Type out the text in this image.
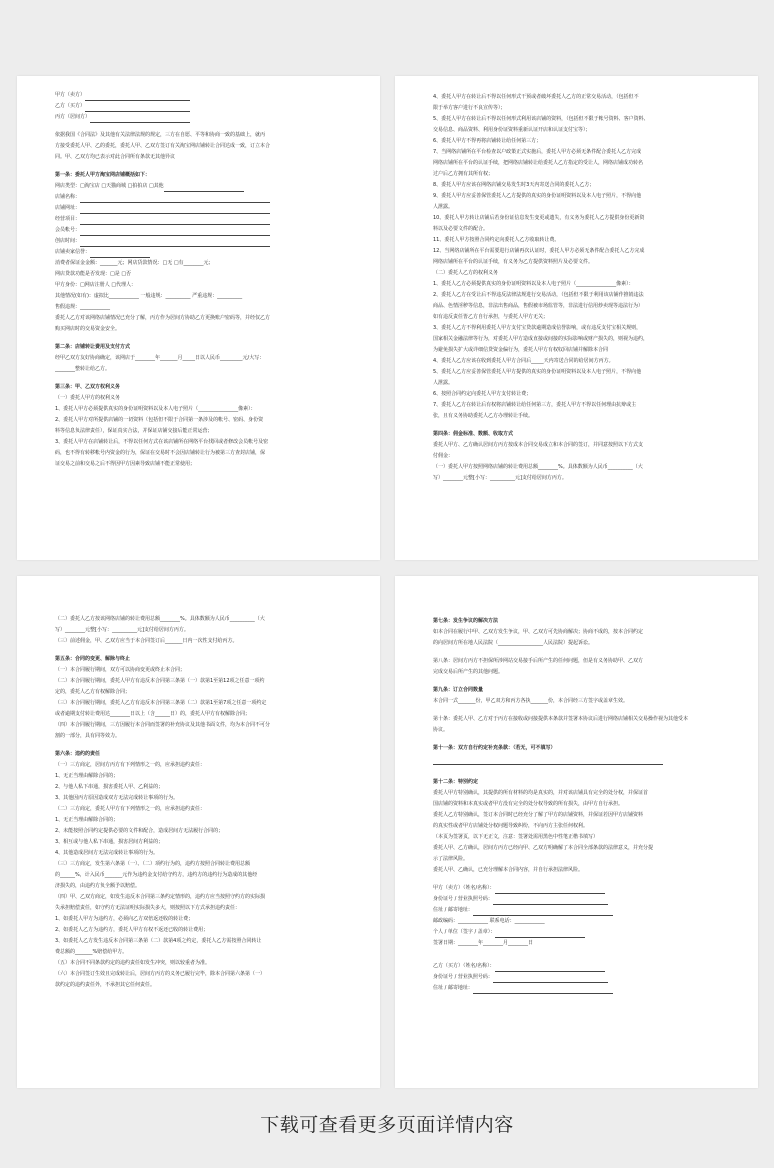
甲方（卖方）
乙方（买方）
丙方（居间方）
依据我国《合同法》及其他有关法律法规的规定，三方在自愿、平等和协商一致的基础上，就丙
方接受委托人甲、乙的委托，委托人甲、乙双方签订有关淘宝网店铺转让合同达成一致，订立本合
同。甲、乙双方均已表示对此合同所有条款无其他异议
第一条：委托人甲方淘宝网店铺概括如下：
网店类型：□淘宝店 □天猫商城 □拍拍店 □其他
店铺名称：
店铺网址：
经营项目：
会员帐号：
创店时间：
店铺卖家信誉：
消费者保证金金额：_______元；网店货款情况：□无 □有________元；
网店贷款功能是否发现：□是 □否
甲方身份：□网店注册人 □代理人：
其他情况(如有)：虚拟比____________ 一般违规：__________ 严重违规：__________
售假违规：____________
委托人乙方对该网络店铺情况已充分了解，丙方作为居间方协助乙方更换账户密码等，并经仅乙方
购买网店时的交易资金安全。
第二条：店铺转让费用及支付方式
经甲乙双方友好协商确定，该网店于________年_______月_____日以人民币_________元/大写：
________整转让给乙方。
第三条：甲、乙双方权利义务
（一）委托人甲方的权利义务
1、委托人甲方必须提供真实的身份证明资料以及本人电子照片（________________像素）：
2、委托人甲方对所提供店铺的一切资料（包括但不限于合同第一条涉及的帐号、密码、身份资
料等信息负法律责任），保证真实合法，并保证店铺交接后能正常运营；
3、委托人甲方在店铺转让后，不得以任何方式在该店铺所在网络平台找回或者修改会员帐号及密
码，也不得有转移帐号内资金的行为，保证在交易时不会因店铺转让行为被第三方查封店铺，保
证交易之前和交易之后不得因甲方因素导致店铺不能正常使用；
4、委托人甲方在转让后不得以任何形式干预或者破坏委托人乙方的正常交易活动，（包括但不
限于举方客户进行不良宣传等）；
5、委托人甲方在转让后不得以任何形式利用该店铺的资料，（包括但不限于帐号资料、客户资料、
交易信息、商品资料、利用身份证资料重新认证开店和认证支付宝等）；
6、委托人甲方不得再将店铺转让给任何第三方；
7、当网络店铺所在平台检查以户政策正式实施后，委托人甲方必须无条件配合委托人乙方完成
网络店铺所在平台的认证手续，把网络店铺转让给委托人乙方指定的受让人，网络店铺成功转名
过户后乙方拥有其所有权；
8、委托人甲方应该在网络店铺交易发生时3天内寄送合同的委托人乙方；
9、委托人甲方应妥善保管委托人乙方提供的真实的身份证明资料以及本人电子照片，不得向他
人泄露。
10、委托人甲方转让店铺后若身份证信息发生变更或遗失，有义务为委托人乙方提供身份更新资
料以及必要文件的配合。
11、委托人甲方按照合同约定向委托人乙方收取转让费。
12、当网络店铺所在平台需要进行店铺再次认证时，委托人甲方必须无条件配合委托人乙方完成
网络店铺所在平台的认证手续，有义务为乙方提供资料照片及必要文件。
（二）委托人乙方的权利义务
1、委托人乙方必须提供真实的身份证明资料以及本人电子照片（________________像素）：
2、委托人乙方在受让后不得违反法律法规进行交易活动，（包括但不限于利用该店铺作推销违法
商品、色情淫秽等信息，非法出售商品，售假被市场监管等，非法进行信用炒卖现等违法行为）
如有违反责任皆乙方自行承担，与委托人甲方无关；
3、委托人乙方不得利用委托人甲方支付宝贷款逾期造成信誉影响，或有违反支付宝相关规则，
国家相关金融法律等行为，对委托人甲方造成直接或间接的实际影响或财产损失的，则视为违约，
为避免损失扩大或详细信贷资金偏行为，委托人甲方有权収回店铺并解除本合同
4、委托人乙方应该在收到委托人甲方合同后_____天内寄送合同的给居间方丙方。
5、委托人乙方应妥善保管委托人甲方提供的真实的身份证明资料以及本人电子照片，不得向他
人泄露。
6、按照合同约定向委托人甲方支付转让费；
7、委托人乙方在转让后有权将店铺转让给任何第三方，委托人甲方不得以任何理由抗辩或主
张，且有义务协助委托人乙方办理转让手续。
第四条：佣金标准、数额、收取方式
委托人甲方、乙方确认居间方丙方按成本合同交易成立和本合同的签订，并同意按照以下方式支
付佣金：
（一）委托人甲方按照网络店铺的转让费用总额________%。具体数额为人民币__________（大
写）________元整[小写：__________元]支付给居间方丙方。
（二）委托人乙方按该网络店铺的转让费用总额________%。具体数额为人民币__________（大
写）________元整[小写：__________元]支付给居间方丙方。
（三）前述佣金，甲、乙双方应当于本合同签订后_______日内一次性支付给丙方。
第五条：合同的变更、解除与终止
（一）本合同履行期间，双方可以协商变更或终止本合同；
（二）本合同履行期间，委托人甲方有违反本合同第三条第（一）款第1至第12项之任意一项约
定的，委托人乙方有权解除合同；
（三）本合同履行期间，委托人乙方有违反本合同第三条第（二）款第1至第7项之任意一项约定
或者逾期支付转让费用达________日以上（含______日）的，委托人甲方有权解除合同；
（四）本合同履行期间，三方因履行本合同而签署的补充协议及其他书面文件，均为本合同不可分
割的一部分，具有同等效力。
第六条：违约的责任
（一）三方商定，居间方丙方有下列情形之一的，应承担违约责任：
1、无正当理由解除合同的；
2、与他人私下串通，损害委托人甲、乙利益的；
3、其他因丙方原因造成双方无法完成转让事项的行为。
（二）三方商定，委托人甲方有下列情形之一的，应承担违约责任：
1、无正当理由解除合同的；
2、未能按照合同约定提供必要的文件和配合，造成居间方无法履行合同的；
3、相互或与他人私下串通，损害居间方利益的；
4、其他造成居间方无法完成转让事项的行为。
（三）三方商定，发生第六条第（一）、（二）项约行为的，违约方按照合同转让费用总额
的______%，计入民币_______元作为违约金支付给守约方，违约方的违约行为造成的其他经
济损失的，由违约方负全额予以赔偿。
（四）甲、乙双方商定，如发生违反本合同第三条约定情形的，违约方应当按照守约方的实际损
失承担赔偿责任，如守约方无法证明实际损失多大，则按照以下方式承担违约责任：
1、如委托人甲方为违约方，必须向乙方双倍返还收的转让费；
2、如委托人乙方为违约方，委托人甲方有权不返还已收的转让费用；
3、如委托人乙方发生违反本合同第三条第（二）款第4项之约定，委托人乙方需按照合同转让
费总额的_______%赔偿给甲方。
（五）本合同不同条款约定的违约责任如发生冲突，则以较重者为准。
（六）本合同签订生效且完成转让后，居间方丙方的义务已履行完毕，除本合同第六条第（一）
款约定的违约责任外，不承担其它任何责任。
第七条：发生争议的解决方法
如本合同在履行中甲、乙双方发生争议，甲、乙双方可先协商解决；协商不成的，按本合同约定
的向居间方所在地人民法院（__________________人民法院）提起诉讼。
第八条：居间方丙方不担保所涉网站交易接手后所产生的任何问题，但是有义务协助甲、乙双方
完成交易后所产生的其他问题。
第九条：订立合同数量
本合同一式_______份，甲乙双方和丙方各执_______份，本合同经三方签字或盖章生效。
第十条：委托人甲、乙方对于丙方在接收或问接提供本条款并签署本协议后进行网络店铺相关交易操作视为其他受本
协议。
第十一条：双方自行约定补充条款：（若无，可不填写）
第十二条：特别约定
委托人甲方特别确认，其提供的所有材料的均是真实的，并对该店铺具有完全的处分权，并保证首
国店铺的资料和本真实或者甲方没有完全的处分权导致的所有损失，由甲方自行承担。
委托人乙方特别确认，签订本合同时已经充分了解了甲方的店铺资料，并保证若因甲方店铺资料
的真实性或者甲方店铺处分权问题导致纠纷，不向丙方主张任何权利。
（本页为签署页，以下无正文，注意：签署处需用黑色中性笔正楷书填写）
委托人甲、乙方确认，居间方丙方已经向甲、乙双方明确解了本合同全部条款的法律意义，并充分提
示了法律风险。
委托人甲、乙确认，已充分理解本合同内容，并自行承担法律风险。
甲方（卖方）（姓名/名称）：
身份证号 / 营业执照号码：
住址 / 邮寄地址：
邮政编码：____________ 联系电话：____________
个人 / 单位（签字 / 盖章）：
签署日期：________年________月________日
乙方（买方）（姓名/名称）：
身份证号 / 营业执照号码：
住址 / 邮寄地址：
下载可查看更多页面详情内容
